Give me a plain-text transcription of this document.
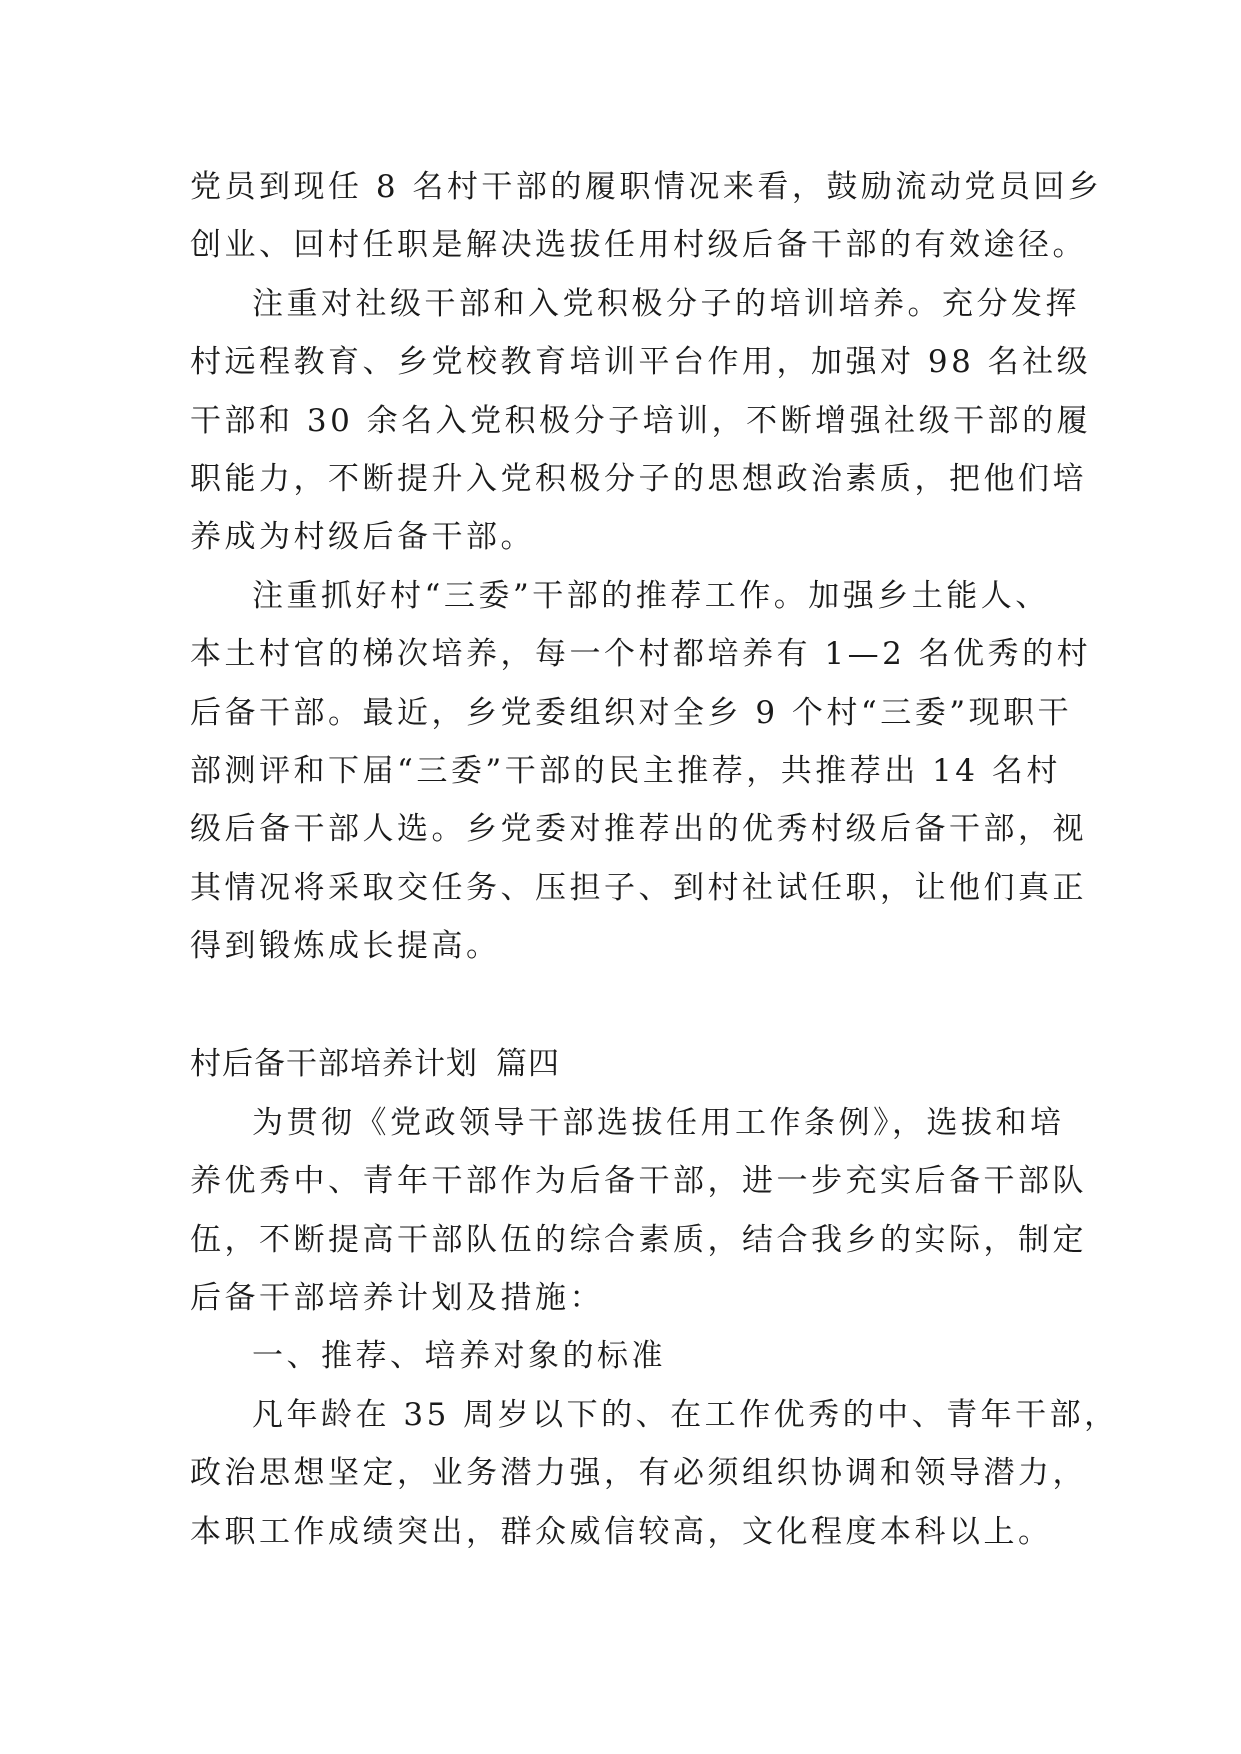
党员到现任 8 名村干部的履职情况来看，鼓励流动党员回乡
创业、回村任职是解决选拔任用村级后备干部的有效途径。
注重对社级干部和入党积极分子的培训培养。充分发挥
村远程教育、乡党校教育培训平台作用，加强对 98 名社级
干部和 30 余名入党积极分子培训，不断增强社级干部的履
职能力，不断提升入党积极分子的思想政治素质，把他们培
养成为村级后备干部。
注重抓好村“三委”干部的推荐工作。加强乡土能人、
本土村官的梯次培养，每一个村都培养有 1—2 名优秀的村
后备干部。最近，乡党委组织对全乡 9 个村“三委”现职干
部测评和下届“三委”干部的民主推荐，共推荐出 14 名村
级后备干部人选。乡党委对推荐出的优秀村级后备干部，视
其情况将采取交任务、压担子、到村社试任职，让他们真正
得到锻炼成长提高。
村后备干部培养计划 篇四
为贯彻《党政领导干部选拔任用工作条例》，选拔和培
养优秀中、青年干部作为后备干部，进一步充实后备干部队
伍，不断提高干部队伍的综合素质，结合我乡的实际，制定
后备干部培养计划及措施：
一、推荐、培养对象的标准
凡年龄在 35 周岁以下的、在工作优秀的中、青年干部，
政治思想坚定，业务潜力强，有必须组织协调和领导潜力，
本职工作成绩突出，群众威信较高，文化程度本科以上。
